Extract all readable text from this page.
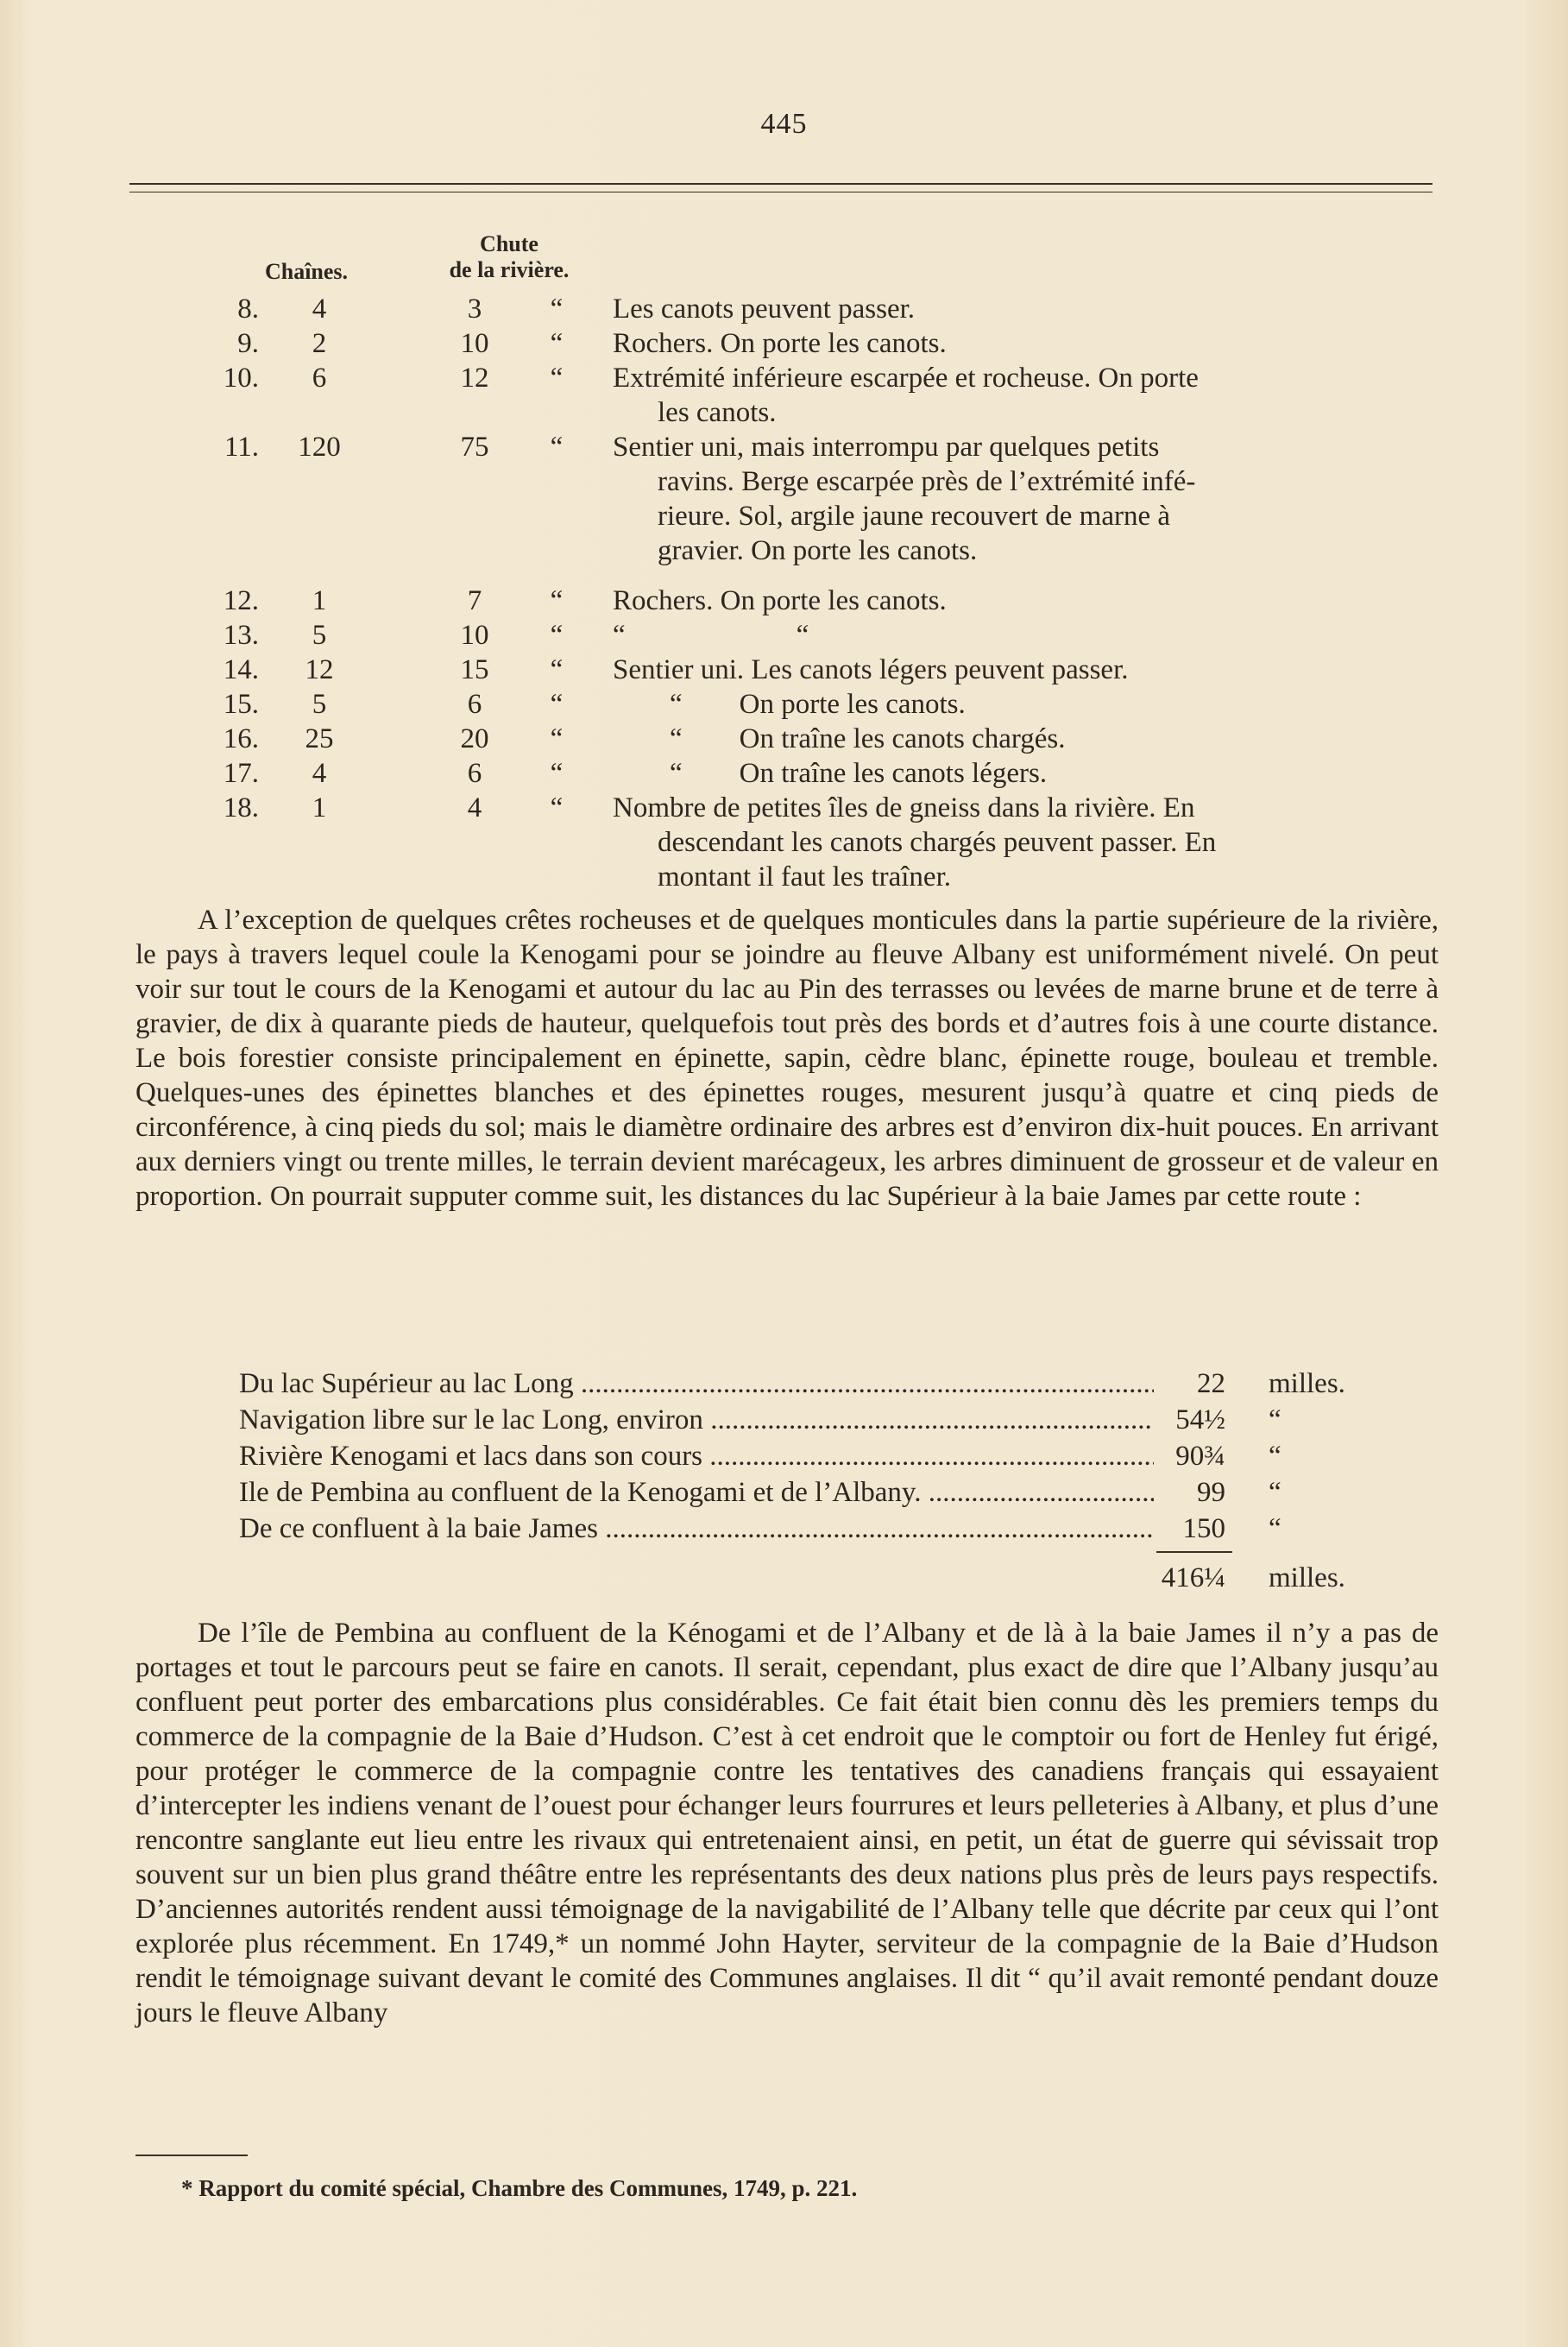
445
Chaînes.
Chute
de la rivière.
8.	4	3	“	Les canots peuvent passer.
9.	2	10	“	Rochers. On porte les canots.
10.	6	12	“	Extrémité inférieure escarpée et rocheuse. On porte
les canots.
11.	120	75	“	Sentier uni, mais interrompu par quelques petits
ravins. Berge escarpée près de l’extrémité infé-
rieure. Sol, argile jaune recouvert de marne à
gravier. On porte les canots.
12.	1	7	“	Rochers. On porte les canots.
13.	5	10	“	“      “
14.	12	15	“	Sentier uni. Les canots légers peuvent passer.
15.	5	6	“	  “  On porte les canots.
16.	25	20	“	  “  On traîne les canots chargés.
17.	4	6	“	  “  On traîne les canots légers.
18.	1	4	“	Nombre de petites îles de gneiss dans la rivière. En
descendant les canots chargés peuvent passer. En
montant il faut les traîner.
A l’exception de quelques crêtes rocheuses et de quelques monticules dans la partie supérieure de la rivière, le pays à travers lequel coule la Kenogami pour se joindre au fleuve Albany est uniformément nivelé. On peut voir sur tout le cours de la Kenogami et autour du lac au Pin des terrasses ou levées de marne brune et de terre à gravier, de dix à quarante pieds de hauteur, quelquefois tout près des bords et d’autres fois à une courte distance. Le bois forestier consiste principalement en épinette, sapin, cèdre blanc, épinette rouge, bouleau et tremble. Quelques-unes des épinettes blanches et des épinettes rouges, mesurent jusqu’à quatre et cinq pieds de circonférence, à cinq pieds du sol; mais le diamètre ordinaire des arbres est d’environ dix-huit pouces. En arrivant aux derniers vingt ou trente milles, le terrain devient marécageux, les arbres diminuent de grosseur et de valeur en proportion. On pourrait supputer comme suit, les distances du lac Supérieur à la baie James par cette route :
Du lac Supérieur au lac Long .....	22 milles.
Navigation libre sur le lac Long, environ .....	54½ “
Rivière Kenogami et lacs dans son cours .....	90¾ “
Ile de Pembina au confluent de la Kenogami et de l’Albany. .....	99 “
De ce confluent à la baie James .....	150 “
416¼ milles.
De l’île de Pembina au confluent de la Kénogami et de l’Albany et de là à la baie James il n’y a pas de portages et tout le parcours peut se faire en canots. Il serait, cependant, plus exact de dire que l’Albany jusqu’au confluent peut porter des embarcations plus considérables. Ce fait était bien connu dès les premiers temps du commerce de la compagnie de la Baie d’Hudson. C’est à cet endroit que le comptoir ou fort de Henley fut érigé, pour protéger le commerce de la compagnie contre les tentatives des canadiens français qui essayaient d’intercepter les indiens venant de l’ouest pour échanger leurs fourrures et leurs pelleteries à Albany, et plus d’une rencontre sanglante eut lieu entre les rivaux qui entretenaient ainsi, en petit, un état de guerre qui sévissait trop souvent sur un bien plus grand théâtre entre les représentants des deux nations plus près de leurs pays respectifs. D’anciennes autorités rendent aussi témoignage de la navigabilité de l’Albany telle que décrite par ceux qui l’ont explorée plus récemment. En 1749,* un nommé John Hayter, serviteur de la compagnie de la Baie d’Hudson rendit le témoignage suivant devant le comité des Communes anglaises. Il dit “ qu’il avait remonté pendant douze jours le fleuve Albany
* Rapport du comité spécial, Chambre des Communes, 1749, p. 221.
